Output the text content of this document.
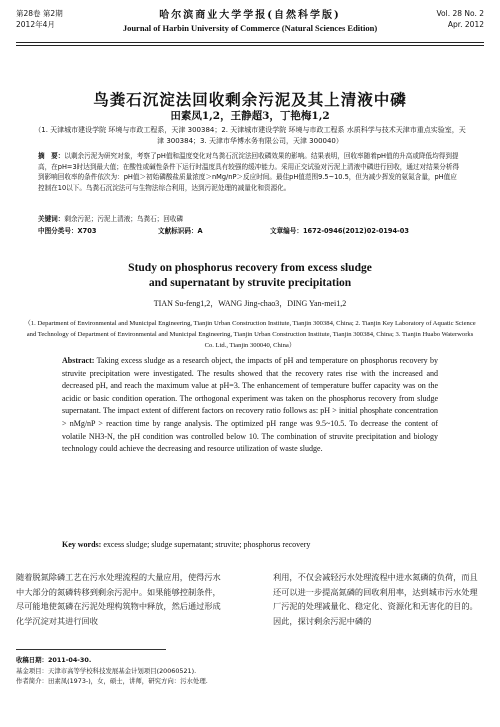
第28卷 第2期
2012年4月
哈尔滨商业大学学报(自然科学版)
Journal of Harbin University of Commerce (Natural Sciences Edition)
Vol. 28 No. 2
Apr. 2012
鸟粪石沉淀法回收剩余污泥及其上清液中磷
田素凤1,2，王静超3，丁艳梅1,2
（1. 天津城市建设学院 环境与市政工程系，天津 300384；2. 天津城市建设学院 环境与市政工程系 水质科学与技术天津市重点实验室，天津 300384；3. 天津市华博水务有限公司，天津 300040）
摘　要：以剩余污泥为研究对象，考察了pH值和温度变化对鸟粪石沉淀法回收磷效果的影响。结果表明，回收率随着pH值的升高或降低均得到提高，在pH=3时达到最大值；在酸性或碱性条件下运行时温度具有较强的缓冲能力。采用正交试验对污泥上清液中磷进行回收，通过对结果分析得到影响回收率的条件依次为：pH值＞初始磷酸盐质量浓度＞nMg/nP＞反应时间。最佳pH值范围9.5~10.5，但为减少挥发的氨氮含量，pH值应控制在10以下。鸟粪石沉淀法可与生物法综合利用，达到污泥处理的减量化和资源化。
关键词：剩余污泥；污泥上清液；鸟粪石；回收磷
中图分类号：X703	文献标识码：A	文章编号：1672-0946(2012)02-0194-03
Study on phosphorus recovery from excess sludge
and supernatant by struvite precipitation
TIAN Su-feng1,2，WANG Jing-chao3，DING Yan-mei1,2
（1. Department of Environmental and Municipal Engineering, Tianjin Urban Construction Institute, Tianjin 300384, China; 2. Tianjin Key Laboratory of Aquatic Science and Technology of Department of Environmental and Municipal Engineering, Tianjin Urban Construction Institute, Tianjin 300384, China; 3. Tianjin Huabo Waterworks Co. Ltd., Tianjin 300040, China）
Abstract: Taking excess sludge as a research object, the impacts of pH and temperature on phosphorus recovery by struvite precipitation were investigated. The results showed that the recovery rates rise with the increased and decreased pH, and reach the maximum value at pH=3. The enhancement of temperature buffer capacity was on the acidic or basic condition operation. The orthogonal experiment was taken on the phosphorus recovery from sludge supernatant. The impact extent of different factors on recovery ratio follows as: pH > initial phosphate concentration > nMg/nP > reaction time by range analysis. The optimized pH range was 9.5~10.5. To decrease the content of volatile NH3-N, the pH condition was controlled below 10. The combination of struvite precipitation and biology technology could achieve the decreasing and resource utilization of waste sludge.
Key words: excess sludge; sludge supernatant; struvite; phosphorus recovery
随着脱氮除磷工艺在污水处理流程的大量应用，使得污水中大部分的氮磷转移到剩余污泥中。如果能够控制条件，尽可能地使氮磷在污泥处理构筑物中释放，然后通过形成化学沉淀对其进行回收
利用，不仅会减轻污水处理流程中进水氮磷的负荷，而且还可以进一步提高氮磷的回收利用率，达到城市污水处理厂污泥的处理减量化、稳定化、资源化和无害化的目的。因此，探讨剩余污泥中磷的
收稿日期：2011-04-30.
基金项目：天津市高等学校科技发展基金计划项目(20060521).
作者简介：田素凤(1973-)，女，硕士，讲师，研究方向：污水处理.
